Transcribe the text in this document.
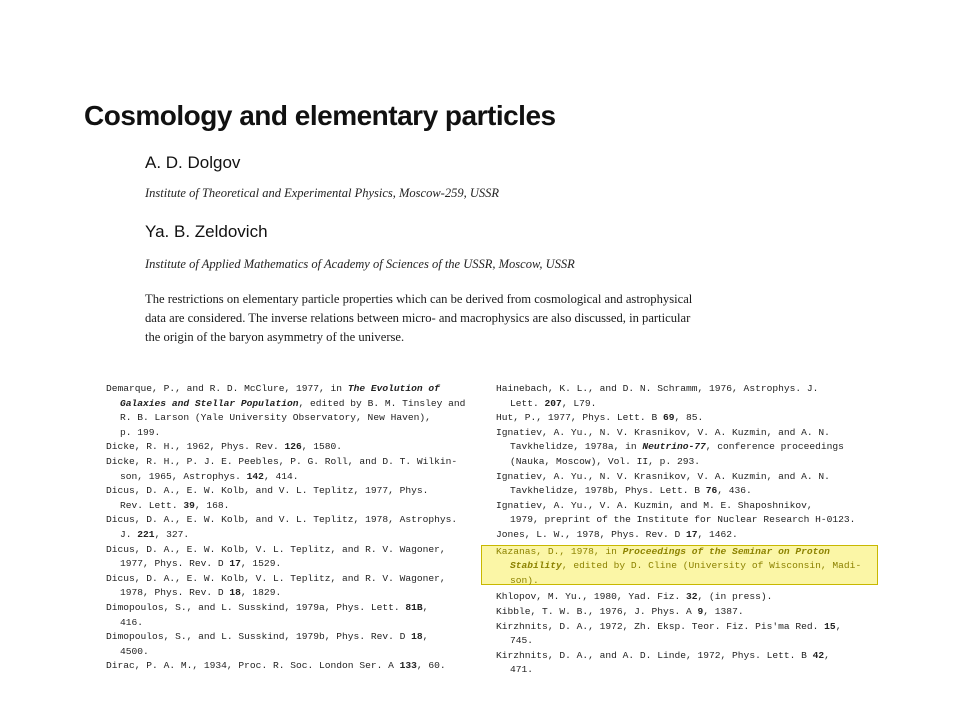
Cosmology and elementary particles
A. D. Dolgov
Institute of Theoretical and Experimental Physics, Moscow-259, USSR
Ya. B. Zeldovich
Institute of Applied Mathematics of Academy of Sciences of the USSR, Moscow, USSR
The restrictions on elementary particle properties which can be derived from cosmological and astrophysical
data are considered. The inverse relations between micro- and macrophysics are also discussed, in particular
the origin of the baryon asymmetry of the universe.
Demarque, P., and R. D. McClure, 1977, in The Evolution of
Galaxies and Stellar Population, edited by B. M. Tinsley and
R. B. Larson (Yale University Observatory, New Haven),
p. 199.
Dicke, R. H., 1962, Phys. Rev. 126, 1580.
Dicke, R. H., P. J. E. Peebles, P. G. Roll, and D. T. Wilkin-
son, 1965, Astrophys. 142, 414.
Dicus, D. A., E. W. Kolb, and V. L. Teplitz, 1977, Phys.
Rev. Lett. 39, 168.
Dicus, D. A., E. W. Kolb, and V. L. Teplitz, 1978, Astrophys.
J. 221, 327.
Dicus, D. A., E. W. Kolb, V. L. Teplitz, and R. V. Wagoner,
1977, Phys. Rev. D 17, 1529.
Dicus, D. A., E. W. Kolb, V. L. Teplitz, and R. V. Wagoner,
1978, Phys. Rev. D 18, 1829.
Dimopoulos, S., and L. Susskind, 1979a, Phys. Lett. 81B,
416.
Dimopoulos, S., and L. Susskind, 1979b, Phys. Rev. D 18,
4500.
Dirac, P. A. M., 1934, Proc. R. Soc. London Ser. A 133, 60.
Hainebach, K. L., and D. N. Schramm, 1976, Astrophys. J.
Lett. 207, L79.
Hut, P., 1977, Phys. Lett. B 69, 85.
Ignatiev, A. Yu., N. V. Krasnikov, V. A. Kuzmin, and A. N.
Tavkhelidze, 1978a, in Neutrino-77, conference proceedings
(Nauka, Moscow), Vol. II, p. 293.
Ignatiev, A. Yu., N. V. Krasnikov, V. A. Kuzmin, and A. N.
Tavkhelidze, 1978b, Phys. Lett. B 76, 436.
Ignatiev, A. Yu., V. A. Kuzmin, and M. E. Shaposhnikov,
1979, preprint of the Institute for Nuclear Research H-0123.
Jones, L. W., 1978, Phys. Rev. D 17, 1462.
Kazanas, D., 1978, in Proceedings of the Seminar on Proton
Stability, edited by D. Cline (University of Wisconsin, Madi-
son).
Khlopov, M. Yu., 1980, Yad. Fiz. 32, (in press).
Kibble, T. W. B., 1976, J. Phys. A 9, 1387.
Kirzhnits, D. A., 1972, Zh. Eksp. Teor. Fiz. Pis'ma Red. 15,
745.
Kirzhnits, D. A., and A. D. Linde, 1972, Phys. Lett. B 42,
471.
